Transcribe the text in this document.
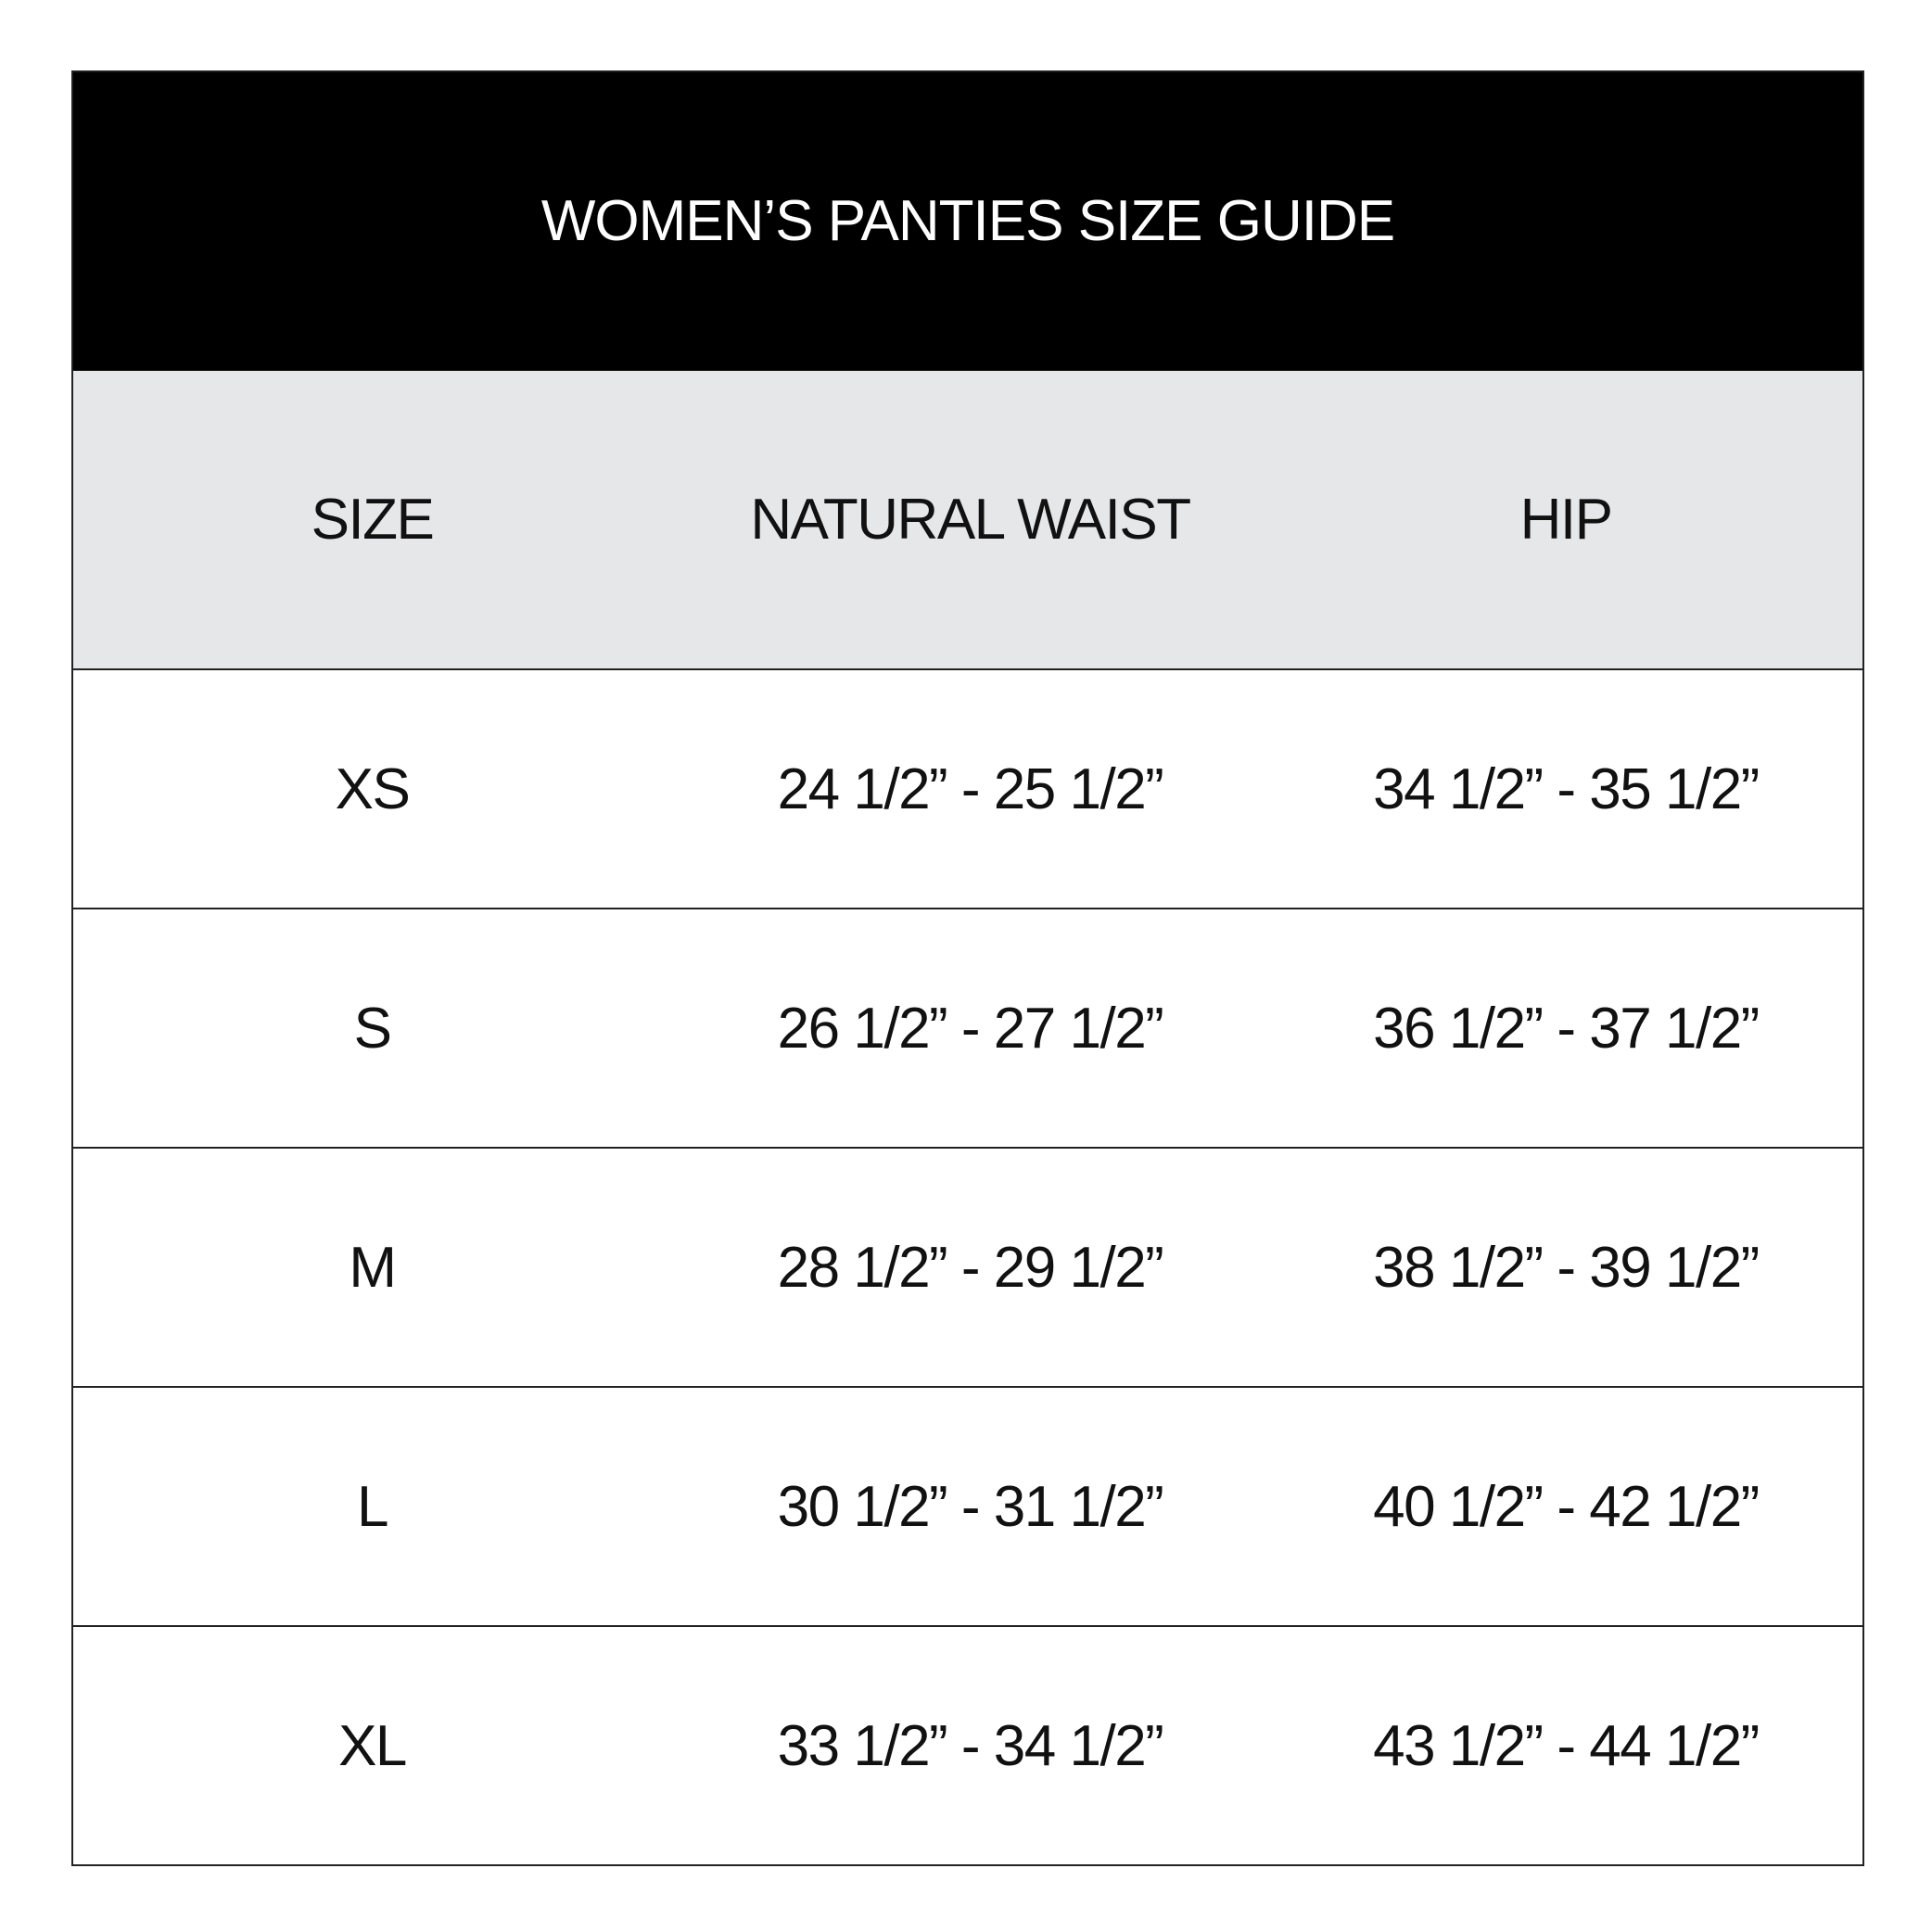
WOMEN’S PANTIES SIZE GUIDE
SIZE	NATURAL WAIST	HIP
XS	24 1/2” - 25 1/2”	34 1/2” - 35 1/2”
S	26 1/2” - 27 1/2”	36 1/2” - 37 1/2”
M	28 1/2” - 29 1/2”	38 1/2” - 39 1/2”
L	30 1/2” - 31 1/2”	40 1/2” - 42 1/2”
XL	33 1/2” - 34 1/2”	43 1/2” - 44 1/2”
